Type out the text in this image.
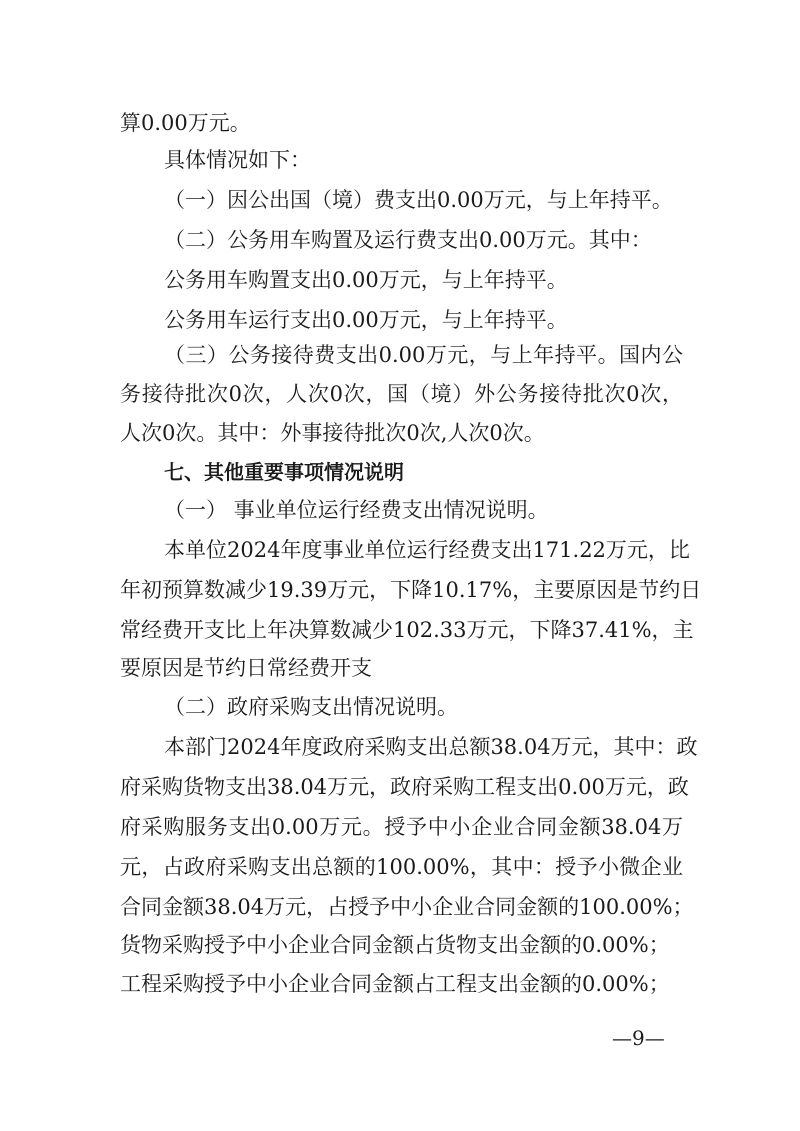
算0.00万元。
具体情况如下：
（一）因公出国（境）费支出0.00万元，与上年持平。
（二）公务用车购置及运行费支出0.00万元。其中：
公务用车购置支出0.00万元，与上年持平。
公务用车运行支出0.00万元，与上年持平。
（三）公务接待费支出0.00万元，与上年持平。国内公
务接待批次0次，人次0次，国（境）外公务接待批次0次，
人次0次。其中：外事接待批次0次,人次0次。
七、其他重要事项情况说明
（一） 事业单位运行经费支出情况说明。
本单位2024年度事业单位运行经费支出171.22万元，比
年初预算数减少19.39万元，下降10.17%，主要原因是节约日
常经费开支比上年决算数减少102.33万元，下降37.41%，主
要原因是节约日常经费开支
（二）政府采购支出情况说明。
本部门2024年度政府采购支出总额38.04万元，其中：政
府采购货物支出38.04万元，政府采购工程支出0.00万元，政
府采购服务支出0.00万元。授予中小企业合同金额38.04万
元，占政府采购支出总额的100.00%，其中：授予小微企业
合同金额38.04万元，占授予中小企业合同金额的100.00%；
货物采购授予中小企业合同金额占货物支出金额的0.00%；
工程采购授予中小企业合同金额占工程支出金额的0.00%；
—9—
